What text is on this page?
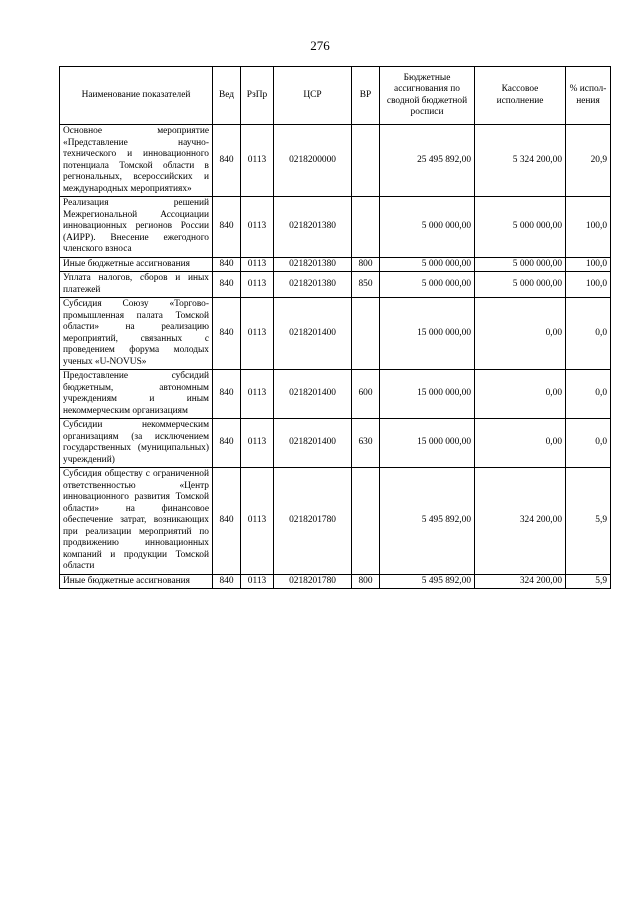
276
Наименование показателей	Вед	РзПр	ЦСР	ВР	Бюджетные ассигнования по сводной бюджетной росписи	Кассовое исполнение	% испол-нения
Основное мероприятие «Представление научно-технического и инновационного потенциала Томской области в регнональных, всероссийских и международных мероприятиях»	840	0113	0218200000		25 495 892,00	5 324 200,00	20,9
Реализация решений Межрегиональной Ассоциации инновационных регионов России (АИРР). Внесение ежегодного членского взноса	840	0113	0218201380		5 000 000,00	5 000 000,00	100,0
Иные бюджетные ассигнования	840	0113	0218201380	800	5 000 000,00	5 000 000,00	100,0
Уплата налогов, сборов и иных платежей	840	0113	0218201380	850	5 000 000,00	5 000 000,00	100,0
Субсидия Союзу «Торгово-промышленная палата Томской области» на реализацию мероприятий, связанных с проведением форума молодых ученых «U-NOVUS»	840	0113	0218201400		15 000 000,00	0,00	0,0
Предоставление субсидий бюджетным, автономным учреждениям и иным некоммерческим организациям	840	0113	0218201400	600	15 000 000,00	0,00	0,0
Субсидии некоммерческим организациям (за исключением государственных (муниципальных) учреждений)	840	0113	0218201400	630	15 000 000,00	0,00	0,0
Субсидия обществу с ограниченной ответственностью «Центр инновационного развития Томской области» на финансовое обеспечение затрат, возникающих при реализации мероприятий по продвижению инновационных компаний и продукции Томской области	840	0113	0218201780		5 495 892,00	324 200,00	5,9
Иные бюджетные ассигнования	840	0113	0218201780	800	5 495 892,00	324 200,00	5,9
